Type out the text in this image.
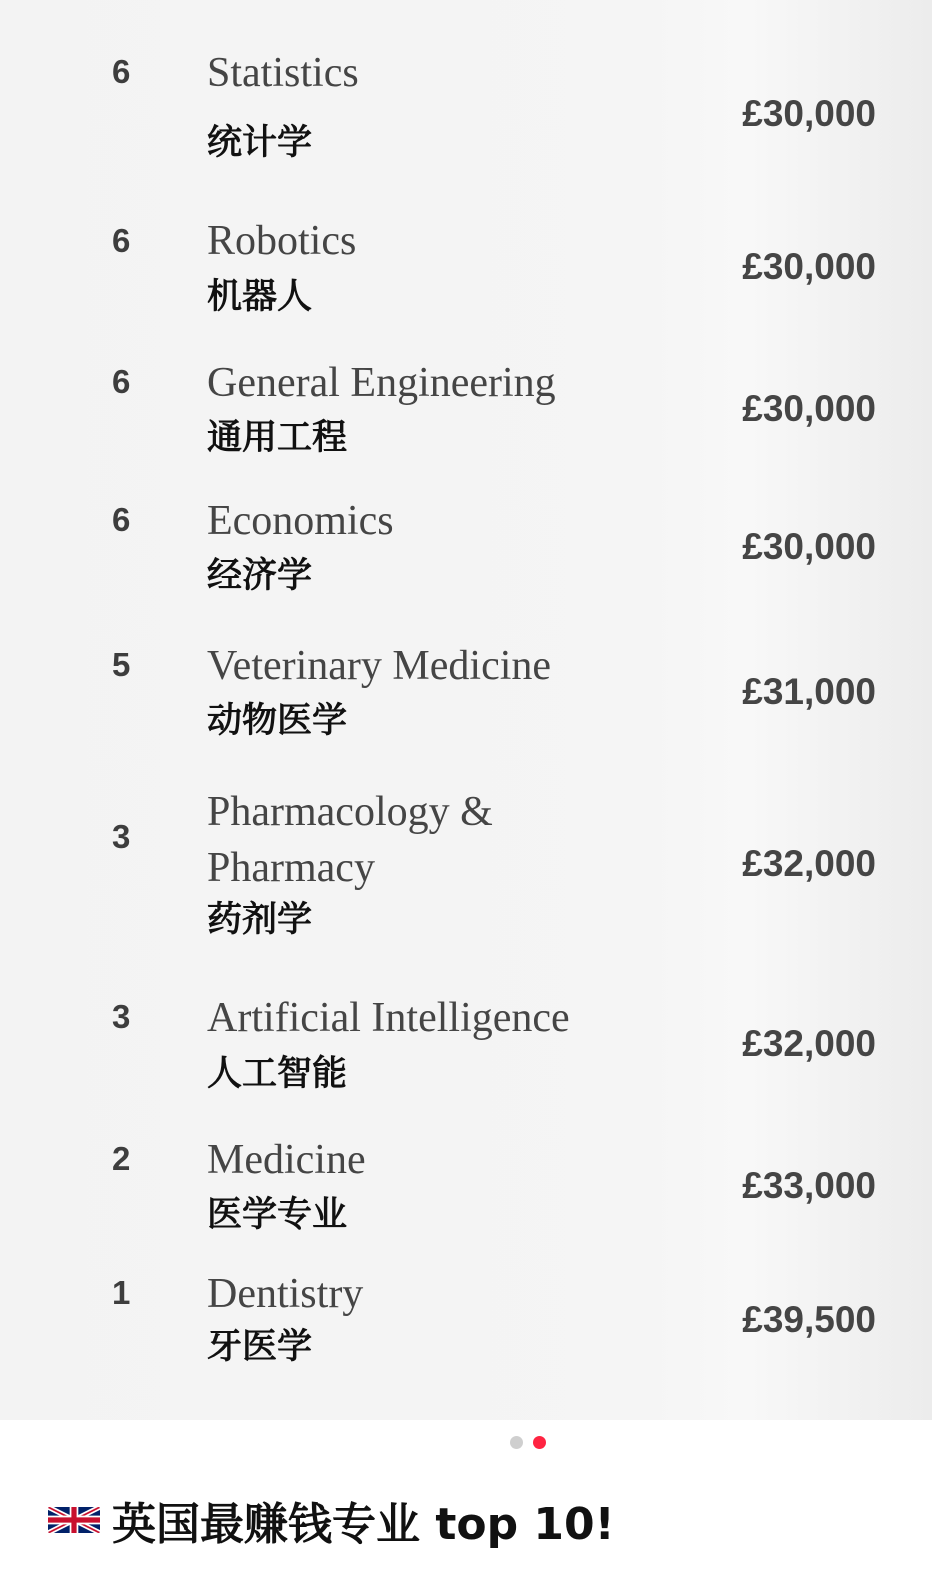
6 Statistics
统计学
£30,000
6 Robotics
机器人
£30,000
6 General Engineering
通用工程
£30,000
6 Economics
经济学
£30,000
5 Veterinary Medicine
动物医学
£31,000
3
Pharmacology & Pharmacy
药剂学
£32,000
3 Artificial Intelligence
人工智能
£32,000
2 Medicine
医学专业
£33,000
1 Dentistry
牙医学
£39,500
英国最赚钱专业 top 10!
